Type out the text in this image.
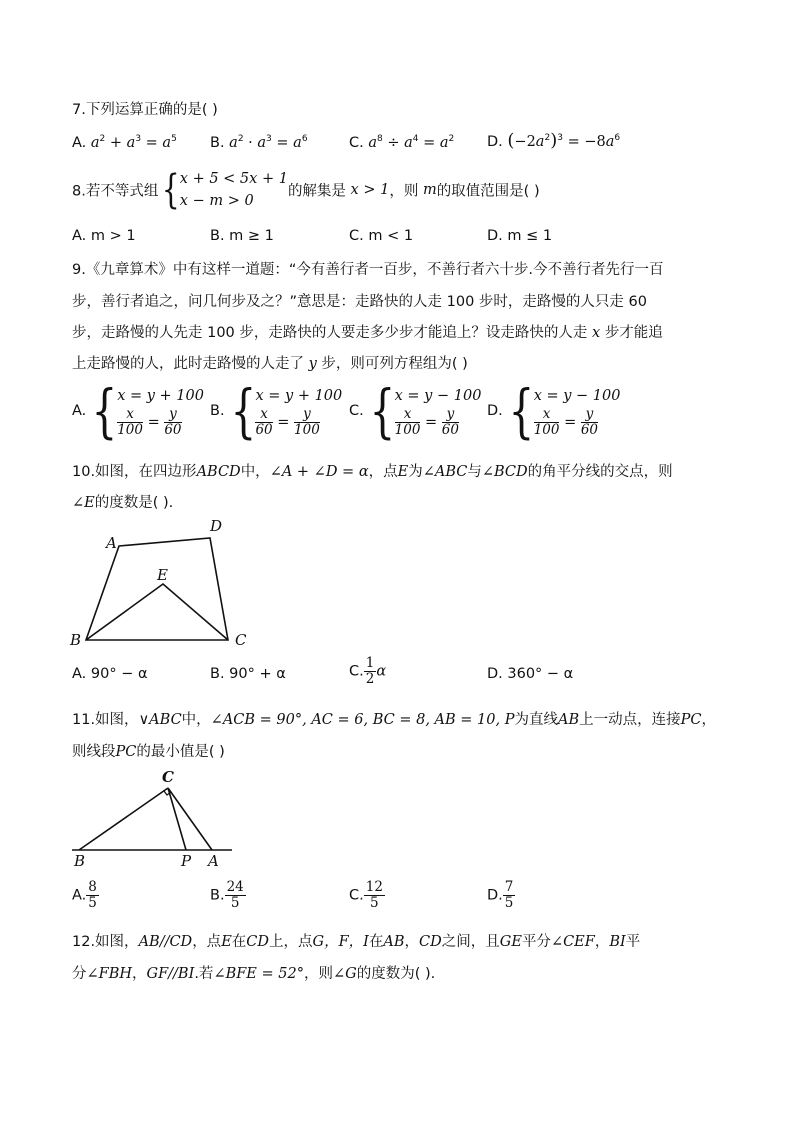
7.下列运算正确的是( )
A. $a^2 + a^3 = a^5$ B. $a^2 \cdot a^3 = a^6$	C. $a^8 \div a^4 = a^2$ D. $(-2a^2)^3 = -8a^6$
8.若不等式组{ x + 5 < 5x + 1
x − m > 0
的解集是 x > 1，则 m的取值范围是( )
A. m > 1	B. m ≥ 1	C. m < 1	D. m ≤ 1
9.《九章算术》中有这样一道题：“今有善行者一百步，不善行者六十步.今不善行者先行一百
步，善行者追之，问几何步及之？”意思是：走路快的人走 100 步时，走路慢的人只走 60
步，走路慢的人先走 100 步，走路快的人要走多少步才能追上？设走路快的人走 x 步才能追
上走路慢的人，此时走路慢的人走了 y 步，则可列方程组为( )
A.{ x = y + 100
$\frac{x}{100} = \frac{y}{60} B$.{ x = y + 100
$\frac{x}{60} = \frac{y}{100} C$.{ x = y − 100
$\frac{x}{100} = \frac{y}{60} D$.{ x = y − 100
$\frac{x}{100} = \frac{y}{60}$
10.如图，在四边形ABCD中，∠A + ∠D = α，点E为∠ABC与∠BCD的角平分线的交点，则
∠E的度数是( ).
A
D
E
B	C
A. 90° − α	B. 90° + α	C. $\frac{1}{2}$ α	D. 360° − α
11.如图，∨ABC中，∠ACB = 90°, AC = 6, BC = 8, AB = 10, P为直线AB上一动点，连接PC，
则线段PC的最小值是( )
C
B	P A
A. $\frac{8}{5}$	B. $\frac{24}{5}$	C. $\frac{12}{5}$	D. $\frac{7}{5}$
12.如图，AB//CD，点E在CD上，点G，F，I在AB，CD之间，且GE平分∠CEF，BI平
分∠FBH，GF//BI.若∠BFE = 52°，则∠G的度数为( ).
